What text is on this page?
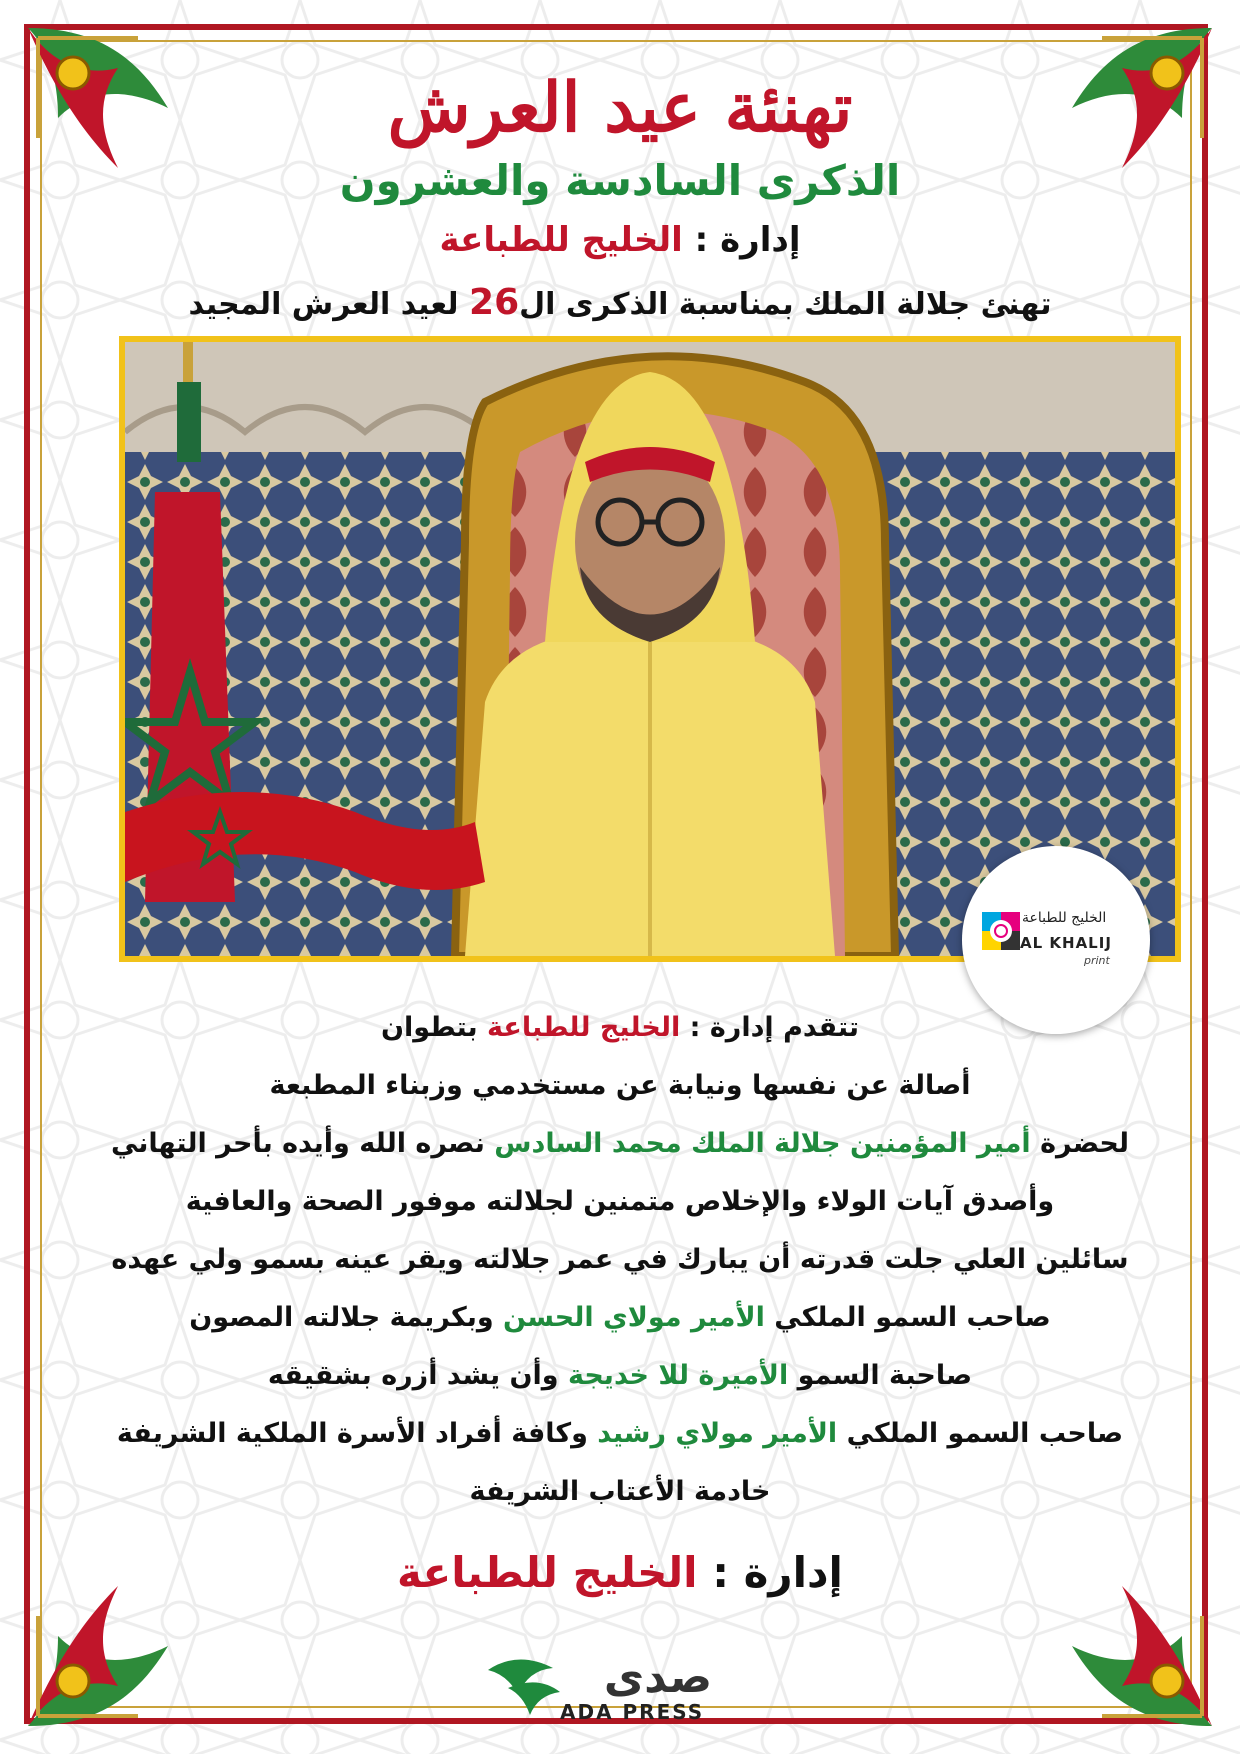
تهنئة عيد العرش
الذكرى السادسة والعشرون
إدارة : الخليج للطباعة
تهنئ جلالة الملك بمناسبة الذكرى ال26 لعيد العرش المجيد
الخليج للطباعة
AL KHALIJ
print
تتقدم إدارة : الخليج للطباعة بتطوان
أصالة عن نفسها ونيابة عن مستخدمي وزبناء المطبعة
لحضرة أمير المؤمنين جلالة الملك محمد السادس نصره الله وأيده بأحر التهاني
وأصدق آيات الولاء والإخلاص متمنين لجلالته موفور الصحة والعافية
سائلين العلي جلت قدرته أن يبارك في عمر جلالته ويقر عينه بسمو ولي عهده
صاحب السمو الملكي الأمير مولاي الحسن وبكريمة جلالته المصون
صاحبة السمو الأميرة للا خديجة وأن يشد أزره بشقيقه
صاحب السمو الملكي الأمير مولاي رشيد وكافة أفراد الأسرة الملكية الشريفة
خادمة الأعتاب الشريفة
إدارة : الخليج للطباعة
صدى
ADA PRESS
